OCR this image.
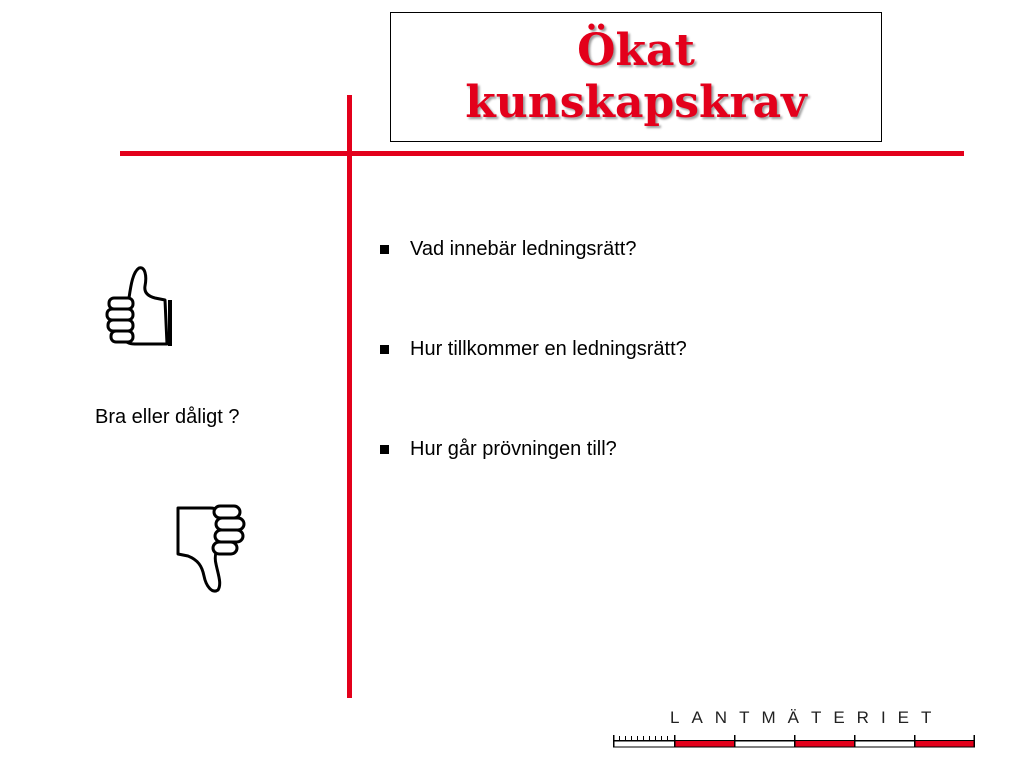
Ökat
kunskapskrav
Vad innebär ledningsrätt?
Hur tillkommer en ledningsrätt?
Hur går prövningen till?
Bra eller dåligt ?
LANTMÄTERIET
